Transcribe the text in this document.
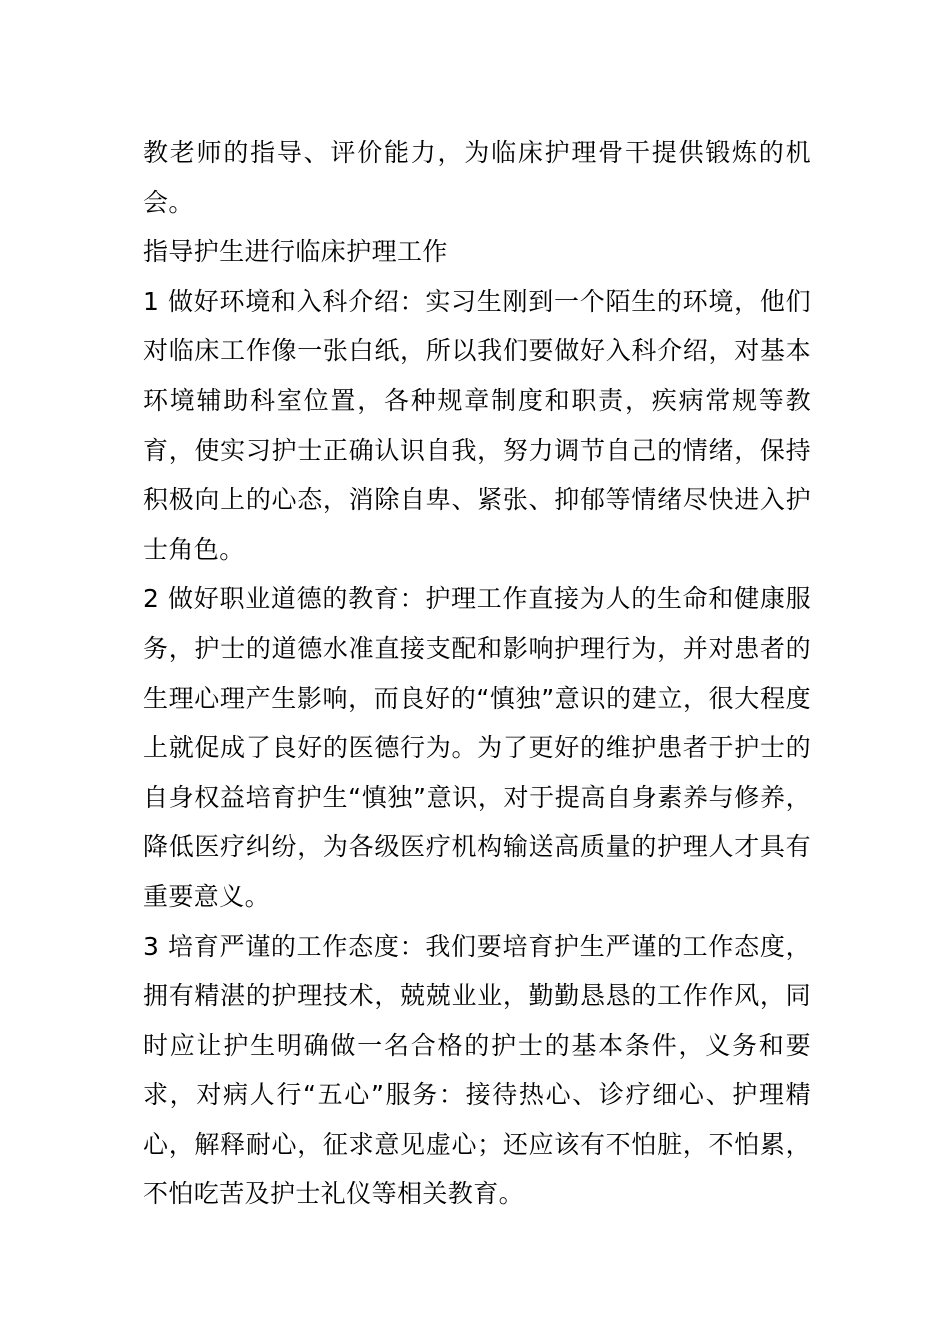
教老师的指导、评价能力，为临床护理骨干提供锻炼的机会。

指导护生进行临床护理工作

1 做好环境和入科介绍：实习生刚到一个陌生的环境，他们对临床工作像一张白纸，所以我们要做好入科介绍，对基本环境辅助科室位置，各种规章制度和职责，疾病常规等教育，使实习护士正确认识自我，努力调节自己的情绪，保持积极向上的心态，消除自卑、紧张、抑郁等情绪尽快进入护士角色。

2 做好职业道德的教育：护理工作直接为人的生命和健康服务，护士的道德水准直接支配和影响护理行为，并对患者的生理心理产生影响，而良好的“慎独”意识的建立，很大程度上就促成了良好的医德行为。为了更好的维护患者于护士的自身权益培育护生“慎独”意识，对于提高自身素养与修养，降低医疗纠纷，为各级医疗机构输送高质量的护理人才具有重要意义。

3 培育严谨的工作态度：我们要培育护生严谨的工作态度，拥有精湛的护理技术，兢兢业业，勤勤恳恳的工作作风，同时应让护生明确做一名合格的护士的基本条件，义务和要求，对病人行“五心”服务：接待热心、诊疗细心、护理精心，解释耐心，征求意见虚心；还应该有不怕脏，不怕累，不怕吃苦及护士礼仪等相关教育。
